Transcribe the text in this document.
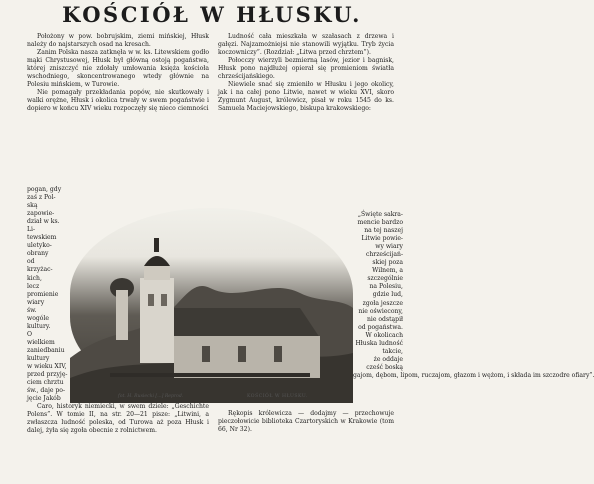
KOŚCIÓŁ W HŁUSKU.

Położony w pow. bobrujskim, ziemi mińskiej, Hłusk należy do najstarszych osad na kresach.

Zanim Polska nasza zatknęła w w. ks. Litewskiem godło mąki Chrystusowej, Hłusk był główną ostoją pogaństwa, której zniszczyć nie zdołały umłowania księża kościoła wschodniego, skoncentrowanego wtedy głównie na Polesiu mińskiem, w Turowie.

Nie pomagały przekładania popów, nie skutkowały i walki orężne, Hłusk i okolica trwały w swem pogaństwie i dopiero w końcu XIV wieku rozpoczęły się nieco ciemności

pogan, gdy
zaś z Pol-
ską
zapowie-
dział w ks.
Li-
tewskiem
uletyko-
obrany
od
krzyżac-
kich,
lecz
promienie
wiary
św.
wogóle
kultury.
O
wielkiem
zaniedbaniu
kultury
w wieku XIV,
przed przyję-
ciem chrztu
św., daje po-
jęcie Jakób	fot. H. Rusiecki [...] Reprod.	KOŚCIÓŁ W HŁUSKU.

Caro, historyk niemiecki, w swem dziele: „Geschichte Polens”. W tomie II, na str. 20—21 pisze: „Litwini, a zwłaszcza ludność poleska, od Turowa aż poza Hłusk i dalej, żyła się zgoła obecnie z rolnictwem.

Ludność cała mieszkała w szałasach z drzewa i gałęzi. Najzamożniejsi nie stanowili wyjątku. Tryb życia koczowniczy”. (Rozdział: „Litwa przed chrztem”).

Połocczy wierzyli bezmierną lasów, jezior i bagnisk, Hłusk pono najdłużej opierał się promieniom światła chrześcijańskiego.

Niewiele snać się zmieniło w Hłusku i jego okolicy, jak i na całej pono Litwie, nawet w wieku XVI, skoro Zygmunt August, królewicz, pisał w roku 1545 do ks. Samuela Maciejowskiego, biskupa krakowskiego:

„Święte sakra-
mencie bardzo
na tej naszej
Litwie powie-
wy wiary
chrześcijań-
skiej poza
Wilnem, a
szczególnie
na Polesiu,
gdzie lud,
zgoła jeszcze
nie oświecony,
nie odstąpił
od pogaństwa.
W okolicach
Hłuska ludność
takcie,
że oddaje
cześć boską
gajom, dębom, lipom, ruczajom, głazom i wężom, i składa im szczodre ofiary”.

Rękopis królewicza — dodajmy — przechowuje pieczołowicie biblioteka Czartoryskich w Krakowie (tom 66, Nr 32).
